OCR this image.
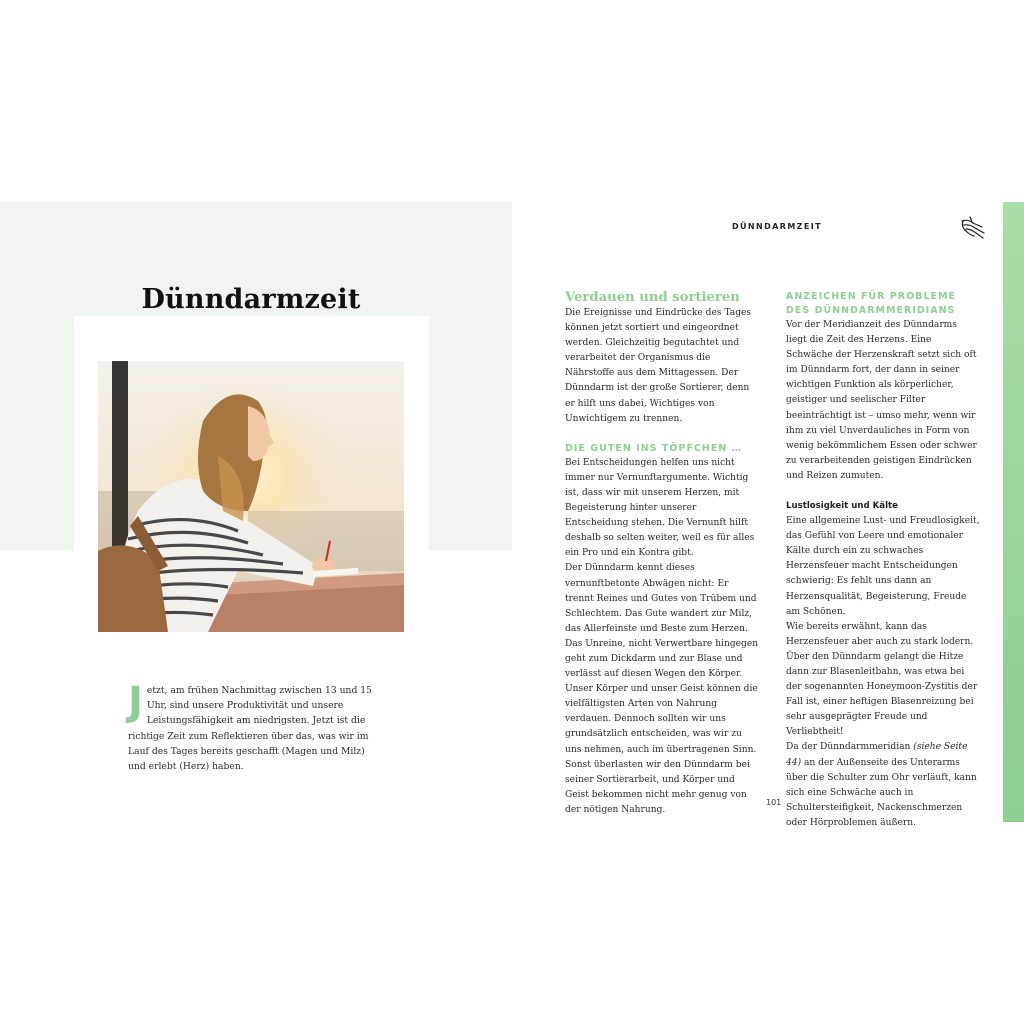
Dünndarmzeit
Jetzt, am frühen Nachmittag zwischen 13 und 15 Uhr, sind unsere Produktivität und unsere Leistungsfähigkeit am niedrigsten. Jetzt ist die richtige Zeit zum Reflektieren über das, was wir im Lauf des Tages bereits geschafft (Magen und Milz) und erlebt (Herz) haben.
DÜNNDARMZEIT

Verdauen und sortieren

Die Ereignisse und Eindrücke des Tages können jetzt sortiert und eingeordnet werden. Gleichzeitig begutachtet und verarbeitet der Organismus die Nährstoffe aus dem Mittagessen. Der Dünndarm ist der große Sortierer, denn er hilft uns dabei, Wichtiges von Unwichtigem zu trennen.

DIE GUTEN INS TÖPFCHEN …

Bei Entscheidungen helfen uns nicht immer nur Vernunftargumente. Wichtig ist, dass wir mit unserem Herzen, mit Begeisterung hinter unserer Entscheidung stehen. Die Vernunft hilft deshalb so selten weiter, weil es für alles ein Pro und ein Kontra gibt.

Der Dünndarm kennt dieses vernunftbetonte Abwägen nicht: Er trennt Reines und Gutes von Trübem und Schlechtem. Das Gute wandert zur Milz, das Allerfeinste und Beste zum Herzen. Das Unreine, nicht Verwertbare hingegen geht zum Dickdarm und zur Blase und verlässt auf diesen Wegen den Körper. Unser Körper und unser Geist können die vielfältigsten Arten von Nahrung verdauen. Dennoch sollten wir uns grundsätzlich entscheiden, was wir zu uns nehmen, auch im übertragenen Sinn. Sonst überlasten wir den Dünndarm bei seiner Sortierarbeit, und Körper und Geist bekommen nicht mehr genug von der nötigen Nahrung.

ANZEICHEN FÜR PROBLEME DES DÜNNDARMMERIDIANS

Vor der Meridianzeit des Dünndarms liegt die Zeit des Herzens. Eine Schwäche der Herzenskraft setzt sich oft im Dünndarm fort, der dann in seiner wichtigen Funktion als körperlicher, geistiger und seelischer Filter beeinträchtigt ist – umso mehr, wenn wir ihm zu viel Unverdauliches in Form von wenig bekömmlichem Essen oder schwer zu verarbeitenden geistigen Eindrücken und Reizen zumuten.

Lustlosigkeit und Kälte

Eine allgemeine Lust- und Freudlosigkeit, das Gefühl von Leere und emotionaler Kälte durch ein zu schwaches Herzensfeuer macht Entscheidungen schwierig: Es fehlt uns dann an Herzensqualität, Begeisterung, Freude am Schönen.

Wie bereits erwähnt, kann das Herzensfeuer aber auch zu stark lodern. Über den Dünndarm gelangt die Hitze dann zur Blasenleitbahn, was etwa bei der sogenannten Honeymoon-Zystitis der Fall ist, einer heftigen Blasenreizung bei sehr ausgeprägter Freude und Verliebtheit!

Da der Dünndarmmeridian (siehe Seite 44) an der Außenseite des Unterarms über die Schulter zum Ohr verläuft, kann sich eine Schwäche auch in Schultersteifigkeit, Nackenschmerzen oder Hörproblemen äußern.

101
